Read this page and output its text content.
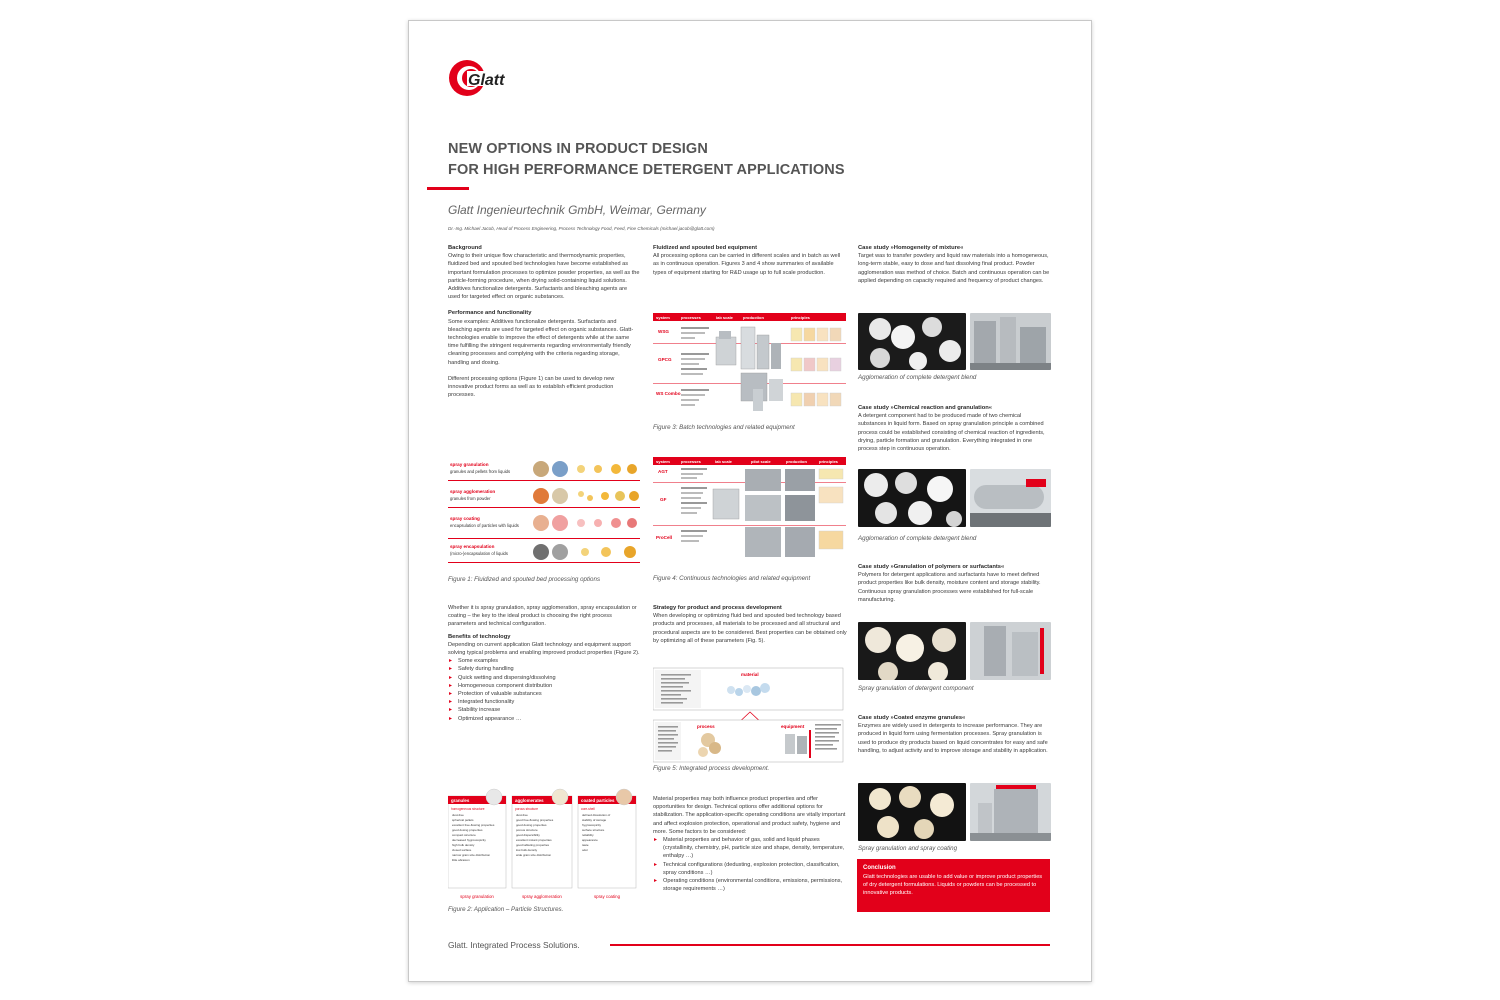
Glatt
NEW OPTIONS IN PRODUCT DESIGN
FOR HIGH PERFORMANCE DETERGENT APPLICATIONS
Glatt Ingenieurtechnik GmbH, Weimar, Germany
Dr.-Ing. Michael Jacob, Head of Process Engineering, Process Technology Food, Feed, Fine Chemicals (michael.jacob@glatt.com)
Background

Owing to their unique flow characteristic and thermodynamic properties, fluidized bed and spouted bed technologies have become established as important formulation processes to optimize powder properties, as well as the particle-forming procedure, when drying solid-containing liquid solutions.

Additives functionalize detergents. Surfactants and bleaching agents are used for targeted effect on organic substances.

Performance and functionality

Some examples: Additives functionalize detergents. Surfactants and bleaching agents are used for targeted effect on organic substances. Glatt-technologies enable to improve the effect of detergents while at the same time fulfilling the stringent requirements regarding environmentally friendly cleaning processes and complying with the criteria regarding storage, handling and dosing.

Different processing options (Figure 1) can be used to develop new innovative product forms as well as to establish efficient production processes.

spray granulation
granules and pellets from liquids
spray agglomeration
granules from powder
spray coating
encapsulation of particles with liquids
spray encapsulation
(micro-)encapsulation of liquids
Figure 1: Fluidized and spouted bed processing options

Whether it is spray granulation, spray agglomeration, spray encapsulation or coating – the key to the ideal product is choosing the right process parameters and technical configuration.

Benefits of technology

Depending on current application Glatt technology and equipment support solving typical problems and enabling improved product properties (Figure 2).

▸ Some examples
▸ Safety during handling
▸ Quick wetting and dispersing/dissolving
▸ Homogeneous component distribution
▸ Protection of valuable substances
▸ Integrated functionality
▸ Stability increase
▸ Optimized appearance …
granules
homogeneous structure
dust-free
spherical pellets
excellent free-flowing properties
good dosing properties
compact structure
decreased hygroscopicity
high bulk density
closed surface
narrow grain size distribution
little abrasion
spray granulation
agglomerates
porous structure
dust-free
good free-flowing properties
good dosing properties
porous structure
good dispersibility
excellent instant properties
good tableting properties
low bulk density
wide grain size distribution
spray agglomeration
coated particles
core-shell
defined dissolution of
stability of storage
hygroscopicity
surface structure
reliability
appearance
taste
odor
spray coating
Figure 2: Application – Particle Structures.
Fluidized and spouted bed equipment

All processing options can be carried in different scales and in batch as well as in continuous operation. Figures 3 and 4 show summaries of available types of equipment starting for R&D usage up to full scale production.

system	processes	lab scale	production	principles
WSG
GPCG
WS Combo
Figure 3: Batch technologies and related equipment
system	processes	lab scale	pilot scale	production	principles
AGT
GF
ProCell
Figure 4: Continuous technologies and related equipment
Strategy for product and process development

When developing or optimizing fluid bed and spouted bed technology based products and processes, all materials to be processed and all structural and procedural aspects are to be considered. Best properties can be obtained only by optimizing all of these parameters (Fig. 5).

material
process	equipment
Figure 5: Integrated process development.

Material properties may both influence product properties and offer opportunities for design. Technical options offer additional options for stabilization. The application-specific operating conditions are vitally important and affect explosion protection, operational and product safety, hygiene and more. Some factors to be considered:

▸ Material properties and behavior of gas, solid and liquid phases (crystallinity, chemistry, pH, particle size and shape, density, temperature, enthalpy …)
▸ Technical configurations (dedusting, explosion protection, classification, spray conditions …)
▸ Operating conditions (environmental conditions, emissions, permissions, storage requirements …)
Case study »Homogeneity of mixture«

Target was to transfer powdery and liquid raw materials into a homogeneous, long-term stable, easy to dose and fast dissolving final product. Powder agglomeration was method of choice. Batch and continuous operation can be applied depending on capacity required and frequency of product changes.

Agglomeration of complete detergent blend
Case study »Chemical reaction and granulation«

A detergent component had to be produced made of two chemical substances in liquid form. Based on spray granulation principle a combined process could be established consisting of chemical reaction of ingredients, drying, particle formation and granulation. Everything integrated in one process step in continuous operation.

Agglomeration of complete detergent blend
Case study »Granulation of polymers or surfactants«

Polymers for detergent applications and surfactants have to meet defined product properties like bulk density, moisture content and storage stability. Continuous spray granulation processes were established for full-scale manufacturing.

Spray granulation of detergent component
Case study »Coated enzyme granules«

Enzymes are widely used in detergents to increase performance. They are produced in liquid form using fermentation processes. Spray granulation is used to produce dry products based on liquid concentrates for easy and safe handling, to adjust activity and to improve storage and stability in application.

Spray granulation and spray coating
Conclusion

Glatt technologies are usable to add value or improve product properties of dry detergent formulations. Liquids or powders can be processed to innovative products.

Glatt. Integrated Process Solutions.
